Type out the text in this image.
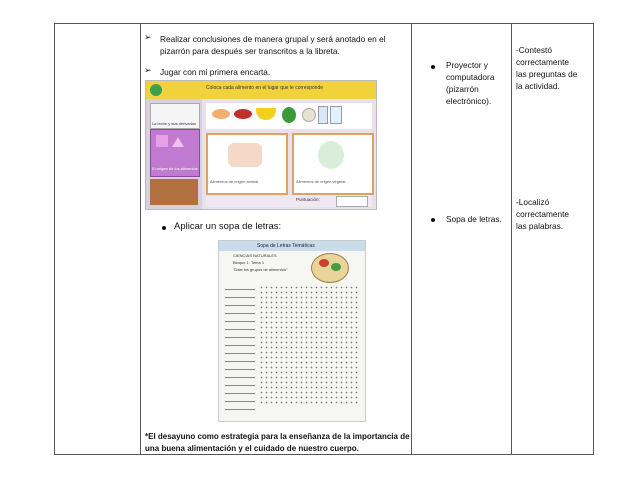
➢ Realizar conclusiones de manera grupal y será anotado en el
pizarrón para después ser transcritos a la libreta.
➢ Jugar con mi primera encarta.
Coloca cada alimento en el lugar que le corresponde
La leche y sus derivados
El origen de los alimentos
Alimentos de origen animal	Alimentos de origen vegetal
Puntuación:
Aplicar un sopa de letras:
Sopa de Letras Temáticas
CIENCIAS NATURALES
Bloque 1. Tema 1
"Dale los grupos de alimentos"
*El desayuno como estrategia para la enseñanza de la importancia de
una buena alimentación y el cuidado de nuestro cuerpo.
Proyector y
computadora
(pizarrón
electrónico).
Sopa de letras.
-Contestó
correctamente
las preguntas de
la actividad.
-Localizó
correctamente
las palabras.
